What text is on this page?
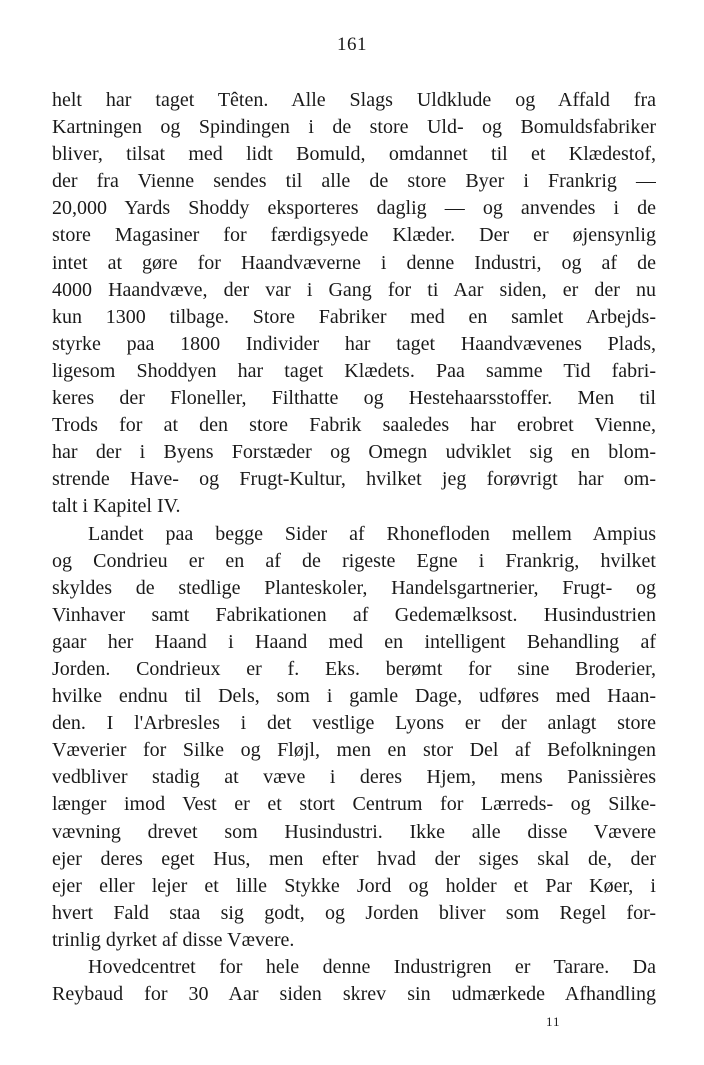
161
helt har taget Têten. Alle Slags Uldklude og Affald fra
Kartningen og Spindingen i de store Uld- og Bomuldsfabriker
bliver, tilsat med lidt Bomuld, omdannet til et Klædestof,
der fra Vienne sendes til alle de store Byer i Frankrig —
20,000 Yards Shoddy eksporteres daglig — og anvendes i de
store Magasiner for færdigsyede Klæder. Der er øjensynlig
intet at gøre for Haandvæverne i denne Industri, og af de
4000 Haandvæve, der var i Gang for ti Aar siden, er der nu
kun 1300 tilbage. Store Fabriker med en samlet Arbejds-
styrke paa 1800 Individer har taget Haandvævenes Plads,
ligesom Shoddyen har taget Klædets. Paa samme Tid fabri-
keres der Floneller, Filthatte og Hestehaarsstoffer. Men til
Trods for at den store Fabrik saaledes har erobret Vienne,
har der i Byens Forstæder og Omegn udviklet sig en blom-
strende Have- og Frugt-Kultur, hvilket jeg forøvrigt har om-
talt i Kapitel IV.
Landet paa begge Sider af Rhonefloden mellem Ampius
og Condrieu er en af de rigeste Egne i Frankrig, hvilket
skyldes de stedlige Planteskoler, Handelsgartnerier, Frugt- og
Vinhaver samt Fabrikationen af Gedemælksost. Husindustrien
gaar her Haand i Haand med en intelligent Behandling af
Jorden. Condrieux er f. Eks. berømt for sine Broderier,
hvilke endnu til Dels, som i gamle Dage, udføres med Haan-
den. I l'Arbresles i det vestlige Lyons er der anlagt store
Væverier for Silke og Fløjl, men en stor Del af Befolkningen
vedbliver stadig at væve i deres Hjem, mens Panissières
længer imod Vest er et stort Centrum for Lærreds- og Silke-
vævning drevet som Husindustri. Ikke alle disse Vævere
ejer deres eget Hus, men efter hvad der siges skal de, der
ejer eller lejer et lille Stykke Jord og holder et Par Køer, i
hvert Fald staa sig godt, og Jorden bliver som Regel for-
trinlig dyrket af disse Vævere.
Hovedcentret for hele denne Industrigren er Tarare. Da
Reybaud for 30 Aar siden skrev sin udmærkede Afhandling
11
